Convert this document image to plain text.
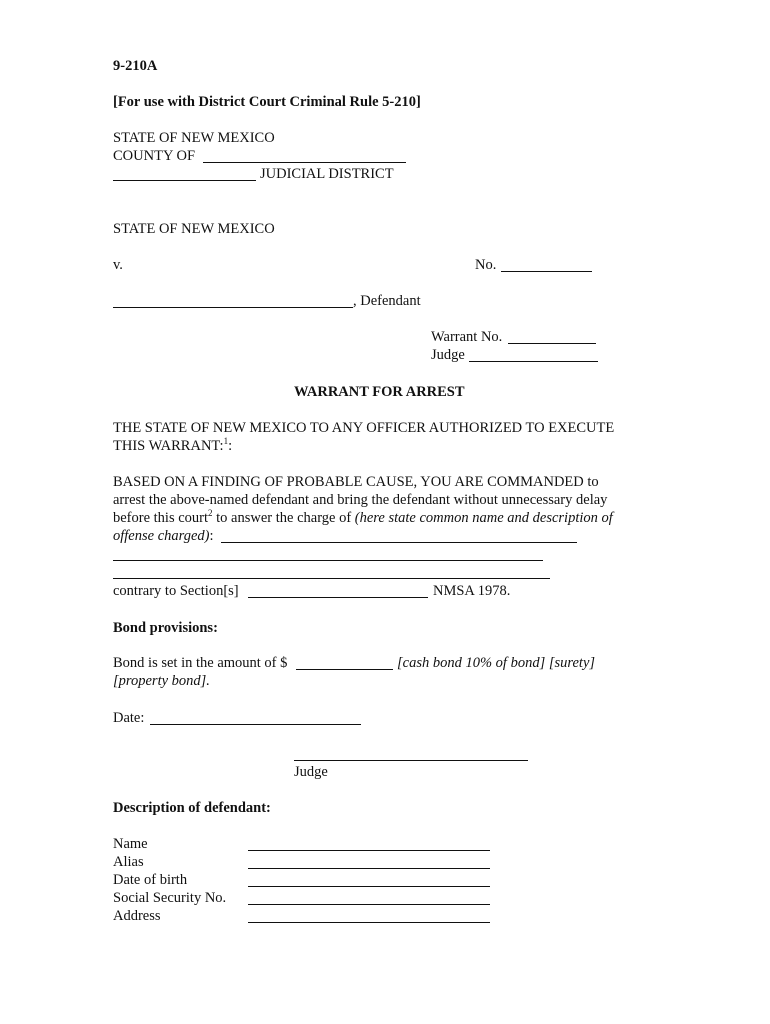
9-210A
[For use with District Court Criminal Rule 5-210]
STATE OF NEW MEXICO
COUNTY OF
JUDICIAL DISTRICT
STATE OF NEW MEXICO
v.	No.
, Defendant
Warrant No.
Judge
WARRANT FOR ARREST
THE STATE OF NEW MEXICO TO ANY OFFICER AUTHORIZED TO EXECUTE
THIS WARRANT:$^1$:
BASED ON A FINDING OF PROBABLE CAUSE, YOU ARE COMMANDED to
arrest the above-named defendant and bring the defendant without unnecessary delay
before this court$^2$ to answer the charge of (here state common name and description of
offense charged):
contrary to Section[s]	NMSA 1978.
Bond provisions:
Bond is set in the amount of $	[cash bond 10% of bond] [surety]
[property bond].
Date:
Judge
Description of defendant:
Name
Alias
Date of birth
Social Security No.
Address
